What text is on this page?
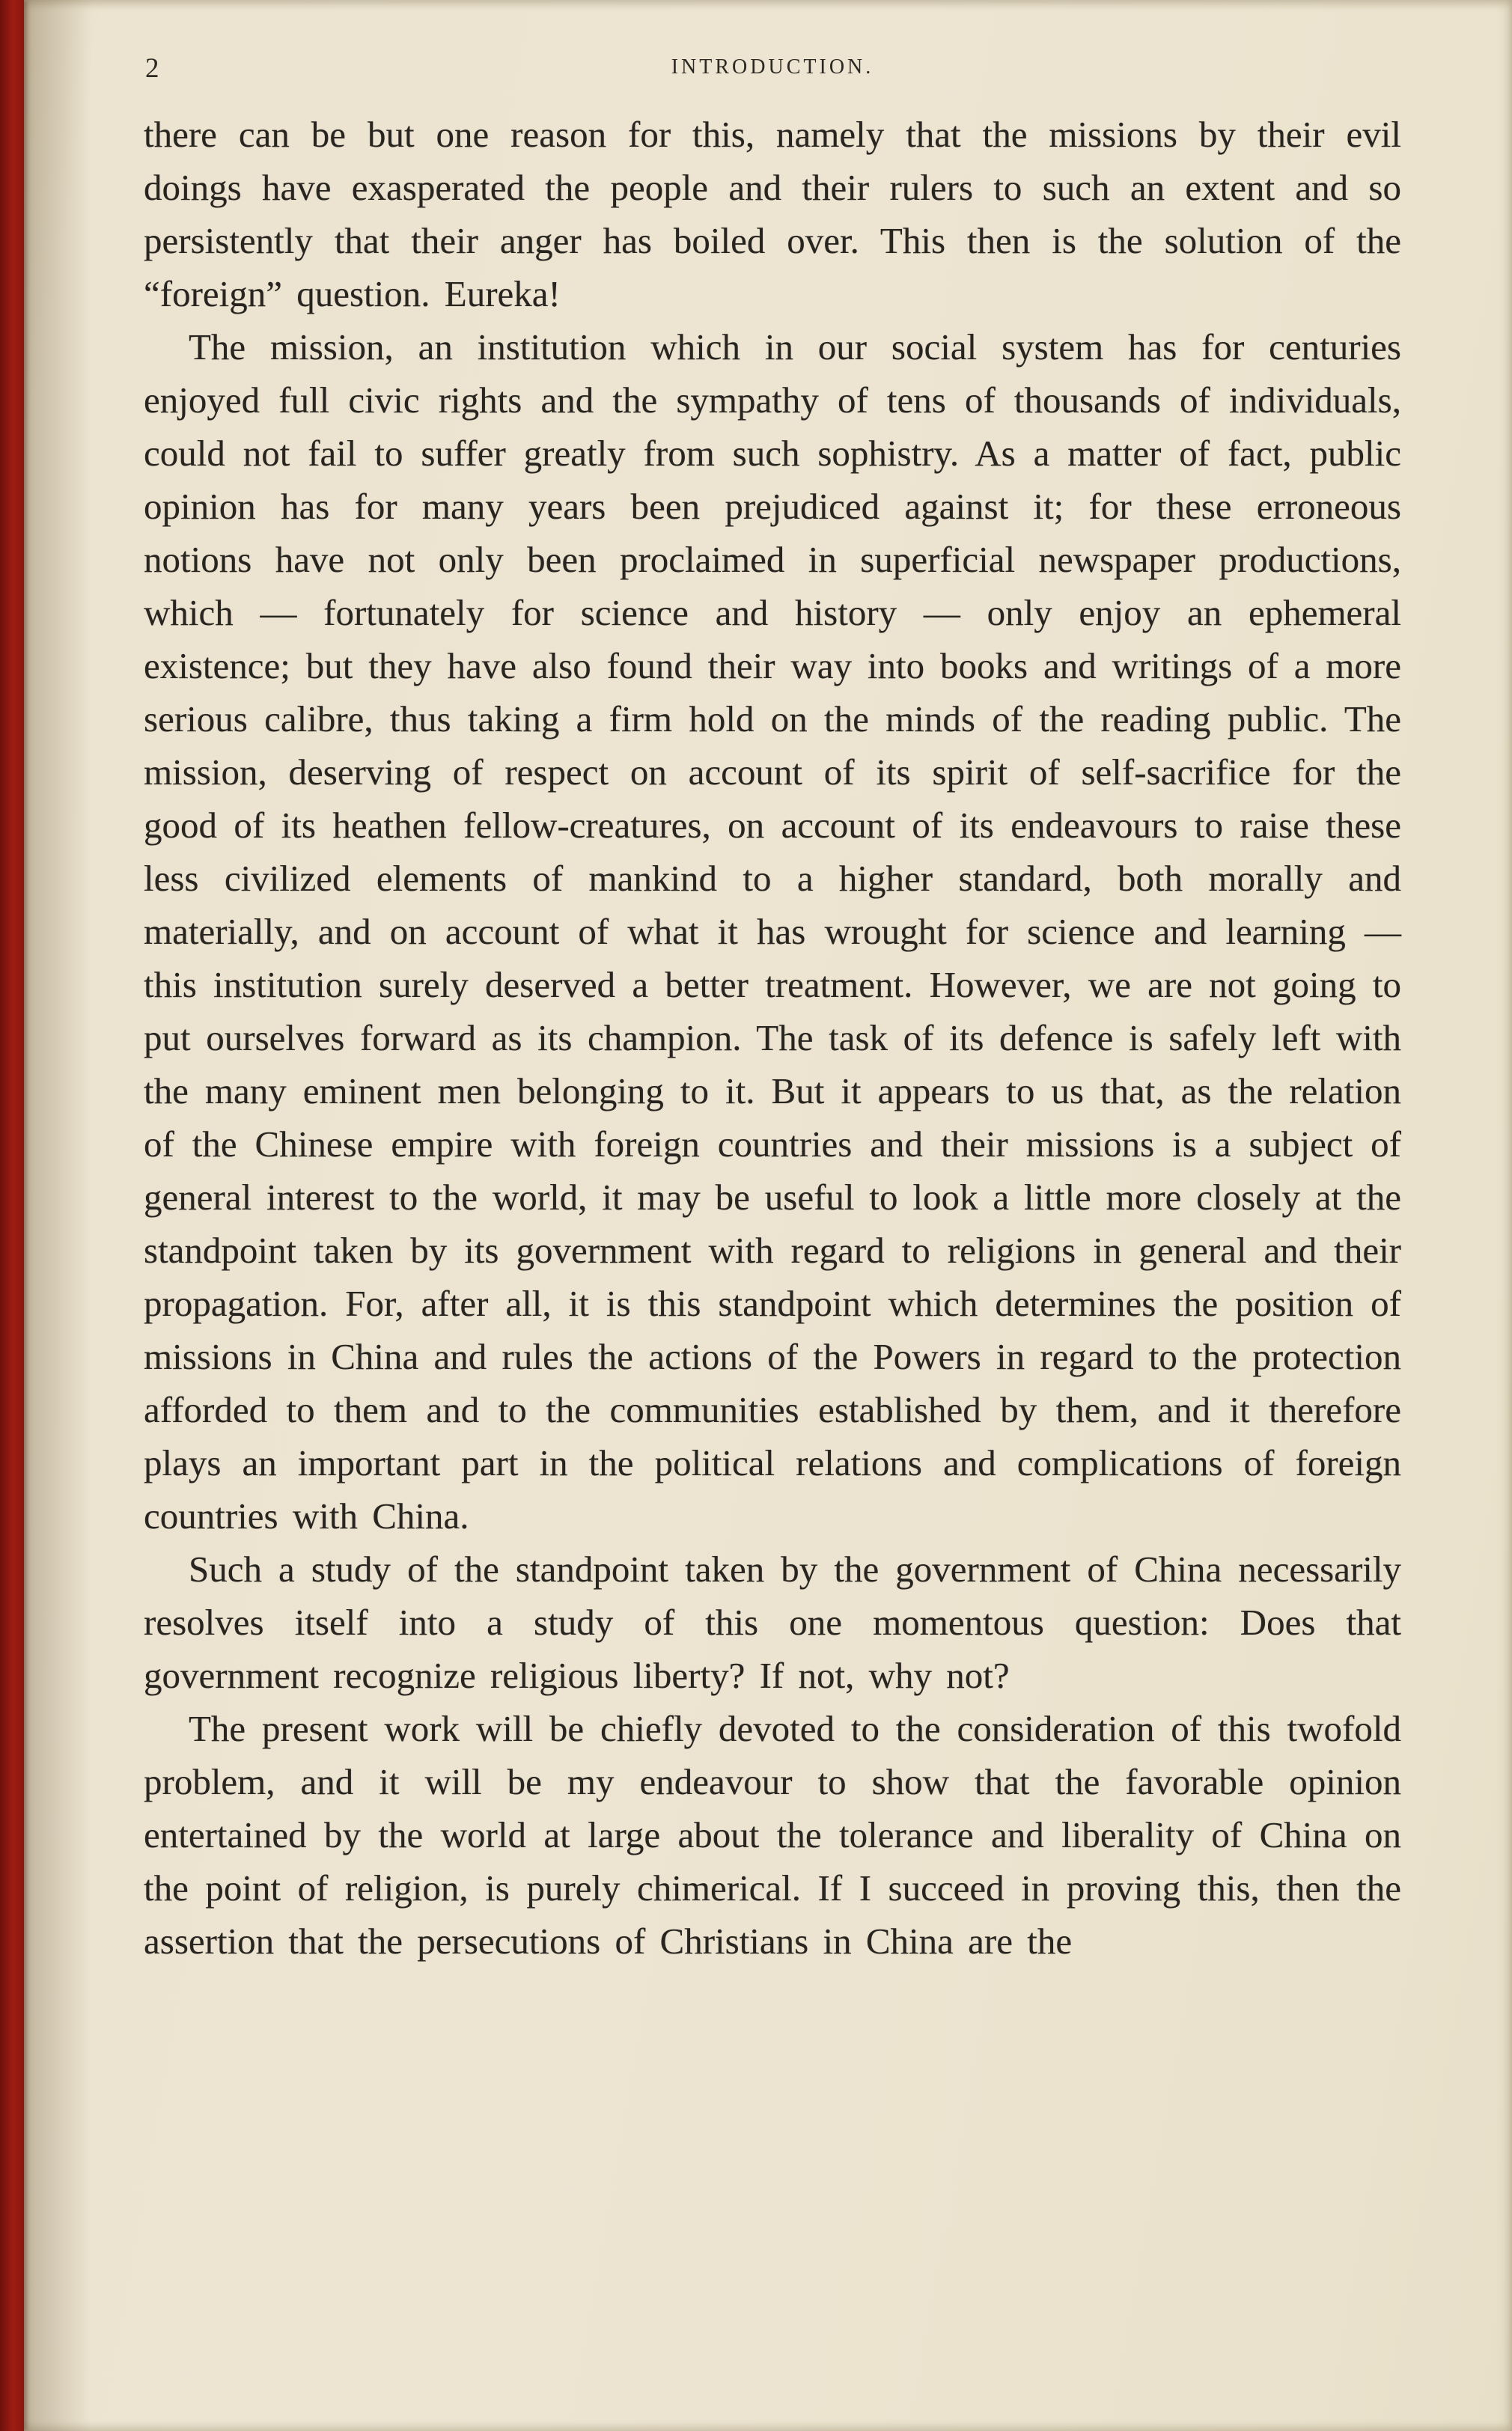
2	INTRODUCTION.

there can be but one reason for this, namely that the missions by their evil doings have exasperated the people and their rulers to such an extent and so persistently that their anger has boiled over. This then is the solution of the “foreign” question. Eureka!

The mission, an institution which in our social system has for centuries enjoyed full civic rights and the sympathy of tens of thousands of individuals, could not fail to suffer greatly from such sophistry. As a matter of fact, public opinion has for many years been prejudiced against it; for these erroneous notions have not only been proclaimed in superficial newspaper productions, which — fortunately for science and history — only enjoy an ephemeral existence; but they have also found their way into books and writings of a more serious calibre, thus taking a firm hold on the minds of the reading public. The mission, deserving of respect on account of its spirit of self-sacrifice for the good of its heathen fellow-creatures, on account of its endeavours to raise these less civilized elements of mankind to a higher standard, both morally and materially, and on account of what it has wrought for science and learning — this institution surely deserved a better treatment. However, we are not going to put ourselves forward as its champion. The task of its defence is safely left with the many eminent men belonging to it. But it appears to us that, as the relation of the Chinese empire with foreign countries and their missions is a subject of general interest to the world, it may be useful to look a little more closely at the standpoint taken by its government with regard to religions in general and their propagation. For, after all, it is this standpoint which determines the position of missions in China and rules the actions of the Powers in regard to the protection afforded to them and to the communities established by them, and it therefore plays an important part in the political relations and complications of foreign countries with China.

Such a study of the standpoint taken by the government of China necessarily resolves itself into a study of this one momentous question: Does that government recognize religious liberty? If not, why not?

The present work will be chiefly devoted to the consideration of this twofold problem, and it will be my endeavour to show that the favorable opinion entertained by the world at large about the tolerance and liberality of China on the point of religion, is purely chimerical. If I succeed in proving this, then the assertion that the persecutions of Christians in China are the
